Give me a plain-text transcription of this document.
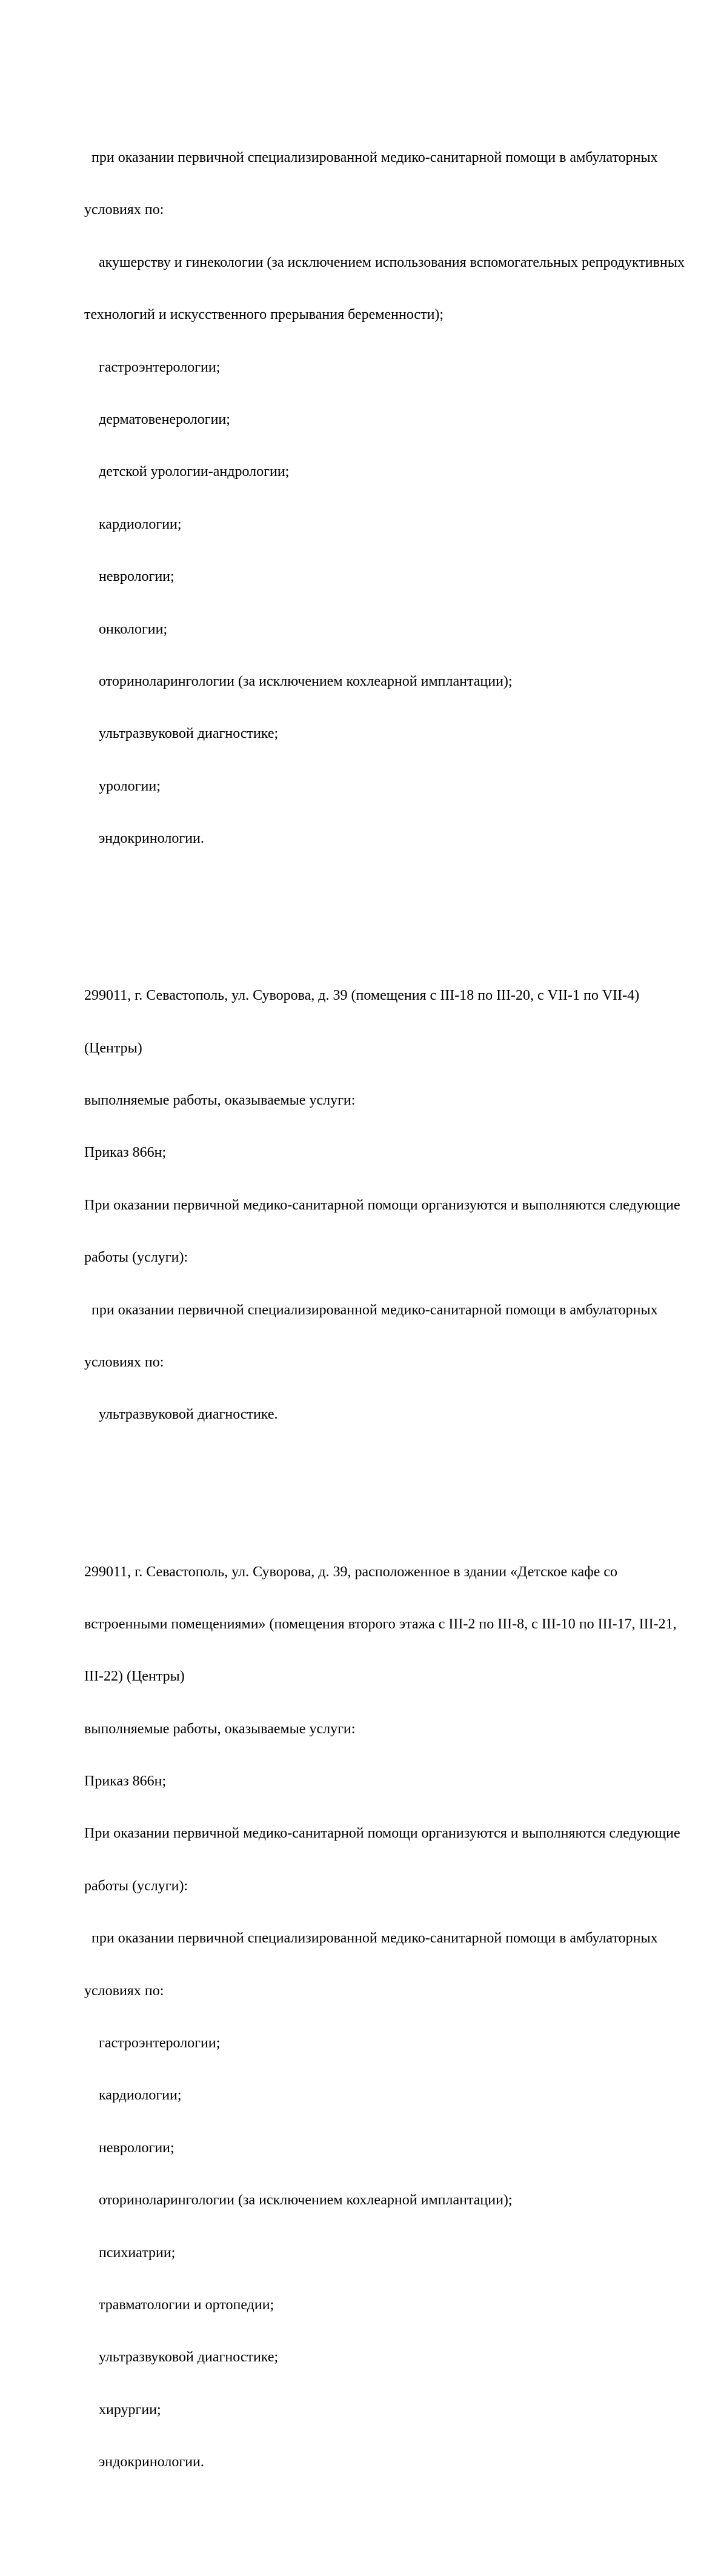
при оказании первичной специализированной медико-санитарной помощи в амбулаторных

условиях по:

акушерству и гинекологии (за исключением использования вспомогательных репродуктивных

технологий и искусственного прерывания беременности);

гастроэнтерологии;

дерматовенерологии;

детской урологии-андрологии;

кардиологии;

неврологии;

онкологии;

оториноларингологии (за исключением кохлеарной имплантации);

ультразвуковой диагностике;

урологии;

эндокринологии.

299011, г. Севастополь, ул. Суворова, д. 39 (помещения с III-18 по III-20, с VII-1 по VII-4)

(Центры)

выполняемые работы, оказываемые услуги:

Приказ 866н;

При оказании первичной медико-санитарной помощи организуются и выполняются следующие

работы (услуги):

при оказании первичной специализированной медико-санитарной помощи в амбулаторных

условиях по:

ультразвуковой диагностике.

299011, г. Севастополь, ул. Суворова, д. 39, расположенное в здании «Детское кафе со

встроенными помещениями» (помещения второго этажа с III-2 по III-8, с III-10 по III-17, III-21,

III-22) (Центры)

выполняемые работы, оказываемые услуги:

Приказ 866н;

При оказании первичной медико-санитарной помощи организуются и выполняются следующие

работы (услуги):

при оказании первичной специализированной медико-санитарной помощи в амбулаторных

условиях по:

гастроэнтерологии;

кардиологии;

неврологии;

оториноларингологии (за исключением кохлеарной имплантации);

психиатрии;

травматологии и ортопедии;

ультразвуковой диагностике;

хирургии;

эндокринологии.
